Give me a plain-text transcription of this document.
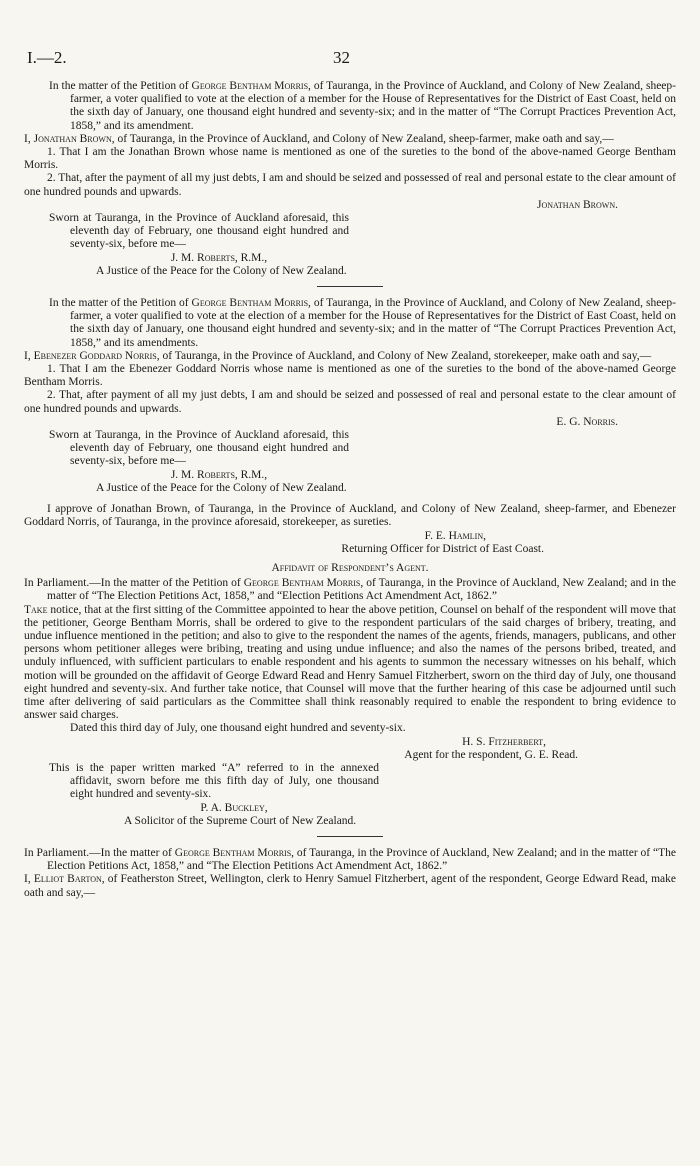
I.—2.	32

In the matter of the Petition of George Bentham Morris, of Tauranga, in the Province of Auckland, and Colony of New Zealand, sheep-farmer, a voter qualified to vote at the election of a member for the House of Representatives for the District of East Coast, held on the sixth day of January, one thousand eight hundred and seventy-six; and in the matter of “The Corrupt Practices Prevention Act, 1858,” and its amendment.

I, Jonathan Brown, of Tauranga, in the Province of Auckland, and Colony of New Zealand, sheep-farmer, make oath and say,—

1. That I am the Jonathan Brown whose name is mentioned as one of the sureties to the bond of the above-named George Bentham Morris.

2. That, after the payment of all my just debts, I am and should be seized and possessed of real and personal estate to the clear amount of one hundred pounds and upwards.

Jonathan Brown.

Sworn at Tauranga, in the Province of Auckland aforesaid, this eleventh day of February, one thousand eight hundred and seventy-six, before me—

J. M. Roberts, R.M.,

A Justice of the Peace for the Colony of New Zealand.

In the matter of the Petition of George Bentham Morris, of Tauranga, in the Province of Auckland, and Colony of New Zealand, sheep-farmer, a voter qualified to vote at the election of a member for the House of Representatives for the District of East Coast, held on the sixth day of January, one thousand eight hundred and seventy-six; and in the matter of “The Corrupt Practices Prevention Act, 1858,” and its amendments.

I, Ebenezer Goddard Norris, of Tauranga, in the Province of Auckland, and Colony of New Zealand, storekeeper, make oath and say,—

1. That I am the Ebenezer Goddard Norris whose name is mentioned as one of the sureties to the bond of the above-named George Bentham Morris.

2. That, after payment of all my just debts, I am and should be seized and possessed of real and personal estate to the clear amount of one hundred pounds and upwards.

E. G. Norris.

Sworn at Tauranga, in the Province of Auckland aforesaid, this eleventh day of February, one thousand eight hundred and seventy-six, before me—

J. M. Roberts, R.M.,

A Justice of the Peace for the Colony of New Zealand.

I approve of Jonathan Brown, of Tauranga, in the Province of Auckland, and Colony of New Zealand, sheep-farmer, and Ebenezer Goddard Norris, of Tauranga, in the province aforesaid, storekeeper, as sureties.

F. E. Hamlin,

Returning Officer for District of East Coast.

Affidavit of Respondent’s Agent.

In Parliament.—In the matter of the Petition of George Bentham Morris, of Tauranga, in the Province of Auckland, New Zealand; and in the matter of “The Election Petitions Act, 1858,” and “Election Petitions Act Amendment Act, 1862.”

Take notice, that at the first sitting of the Committee appointed to hear the above petition, Counsel on behalf of the respondent will move that the petitioner, George Bentham Morris, shall be ordered to give to the respondent particulars of the said charges of bribery, treating, and undue influence mentioned in the petition; and also to give to the respondent the names of the agents, friends, managers, publicans, and other persons whom petitioner alleges were bribing, treating and using undue influence; and also the names of the persons bribed, treated, and unduly influenced, with sufficient particulars to enable respondent and his agents to summon the necessary witnesses on his behalf, which motion will be grounded on the affidavit of George Edward Read and Henry Samuel Fitzherbert, sworn on the third day of July, one thousand eight hundred and seventy-six. And further take notice, that Counsel will move that the further hearing of this case be adjourned until such time after delivering of said particulars as the Committee shall think reasonably required to enable the respondent to bring evidence to answer said charges.

Dated this third day of July, one thousand eight hundred and seventy-six.

H. S. Fitzherbert,

Agent for the respondent, G. E. Read.

This is the paper written marked “A” referred to in the annexed affidavit, sworn before me this fifth day of July, one thousand eight hundred and seventy-six.

P. A. Buckley,

A Solicitor of the Supreme Court of New Zealand.

In Parliament.—In the matter of George Bentham Morris, of Tauranga, in the Province of Auckland, New Zealand; and in the matter of “The Election Petitions Act, 1858,” and “The Election Petitions Act Amendment Act, 1862.”

I, Elliot Barton, of Featherston Street, Wellington, clerk to Henry Samuel Fitzherbert, agent of the respondent, George Edward Read, make oath and say,—
